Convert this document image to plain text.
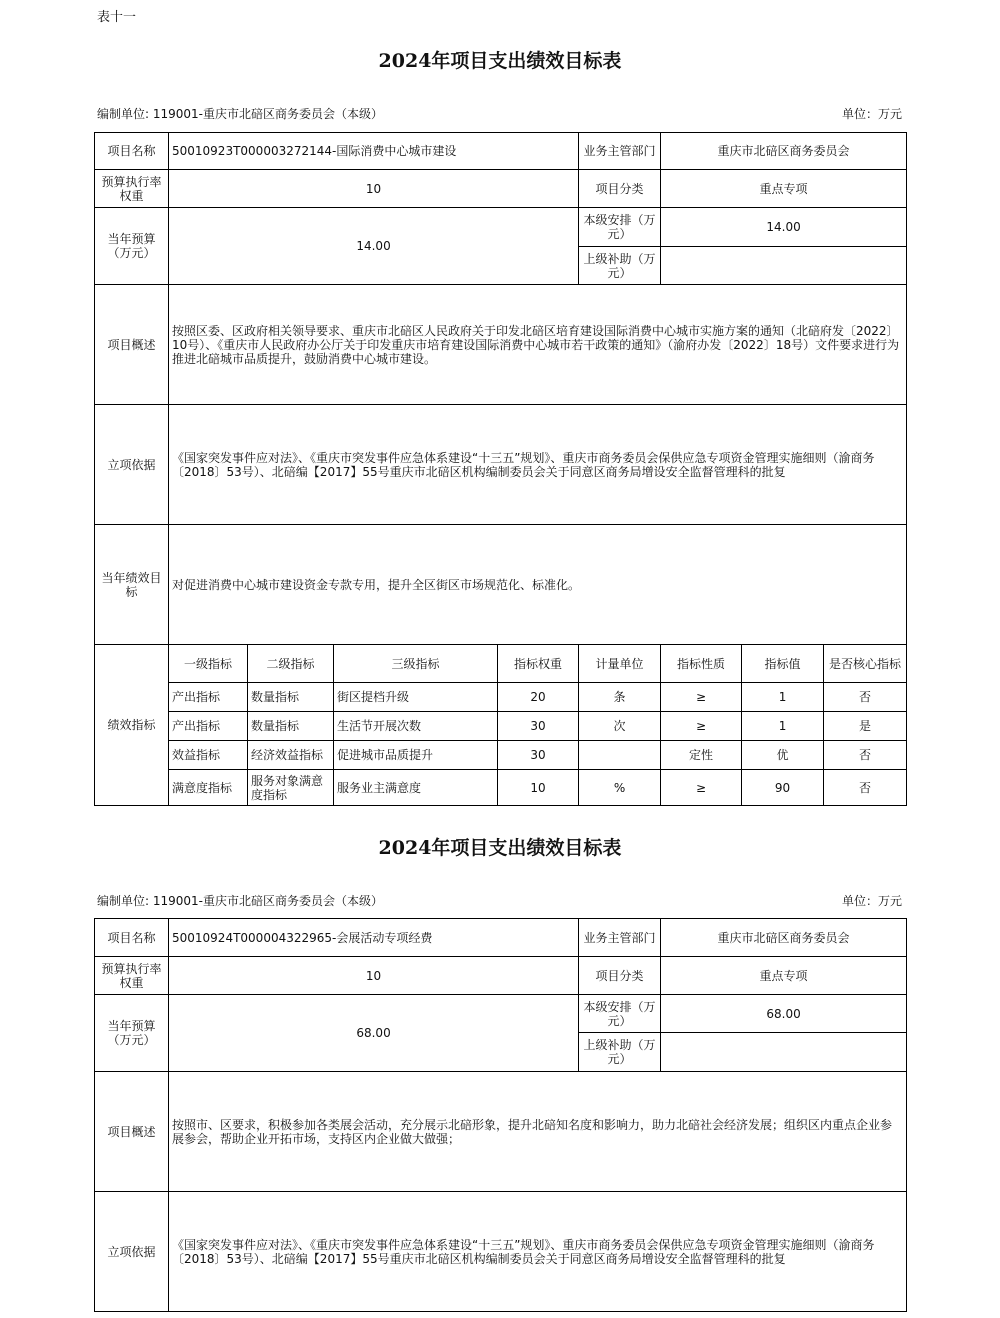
表十一
2024年项目支出绩效目标表
编制单位: 119001-重庆市北碚区商务委员会（本级）	单位：万元
项目名称	50010923T000003272144-国际消费中心城市建设				业务主管部门	重庆市北碚区商务委员会		
预算执行率权重	10				项目分类	重点专项		
当年预算（万元）	14.00				本级安排（万元）	14.00		
					上级补助（万元）			
项目概述	按照区委、区政府相关领导要求、重庆市北碚区人民政府关于印发北碚区培育建设国际消费中心城市实施方案的通知（北碚府发〔2022〕10号）、《重庆市人民政府办公厅关于印发重庆市培育建设国际消费中心城市若干政策的通知》（渝府办发〔2022〕18号）文件要求进行为推进北碚城市品质提升，鼓励消费中心城市建设。							
立项依据	《国家突发事件应对法》、《重庆市突发事件应急体系建设“十三五”规划》、重庆市商务委员会保供应急专项资金管理实施细则（渝商务〔2018〕53号）、北碚编【2017】55号重庆市北碚区机构编制委员会关于同意区商务局增设安全监督管理科的批复							
当年绩效目标	对促进消费中心城市建设资金专款专用，提升全区街区市场规范化、标准化。							
绩效指标	一级指标	二级指标	三级指标	指标权重	计量单位	指标性质	指标值	是否核心指标
	产出指标	数量指标	街区提档升级	20	条	≥	1	否
	产出指标	数量指标	生活节开展次数	30	次	≥	1	是
	效益指标	经济效益指标	促进城市品质提升	30		定性	优	否
	满意度指标	服务对象满意度指标	服务业主满意度	10	%	≥	90	否
2024年项目支出绩效目标表
编制单位: 119001-重庆市北碚区商务委员会（本级）	单位：万元
项目名称	50010924T000004322965-会展活动专项经费	业务主管部门	重庆市北碚区商务委员会
预算执行率权重	10	项目分类	重点专项
当年预算（万元）	68.00	本级安排（万元）	68.00
		上级补助（万元）	
项目概述	按照市、区要求，积极参加各类展会活动，充分展示北碚形象，提升北碚知名度和影响力，助力北碚社会经济发展；组织区内重点企业参展参会，帮助企业开拓市场，支持区内企业做大做强；		
立项依据	《国家突发事件应对法》、《重庆市突发事件应急体系建设“十三五”规划》、重庆市商务委员会保供应急专项资金管理实施细则（渝商务〔2018〕53号）、北碚编【2017】55号重庆市北碚区机构编制委员会关于同意区商务局增设安全监督管理科的批复		
